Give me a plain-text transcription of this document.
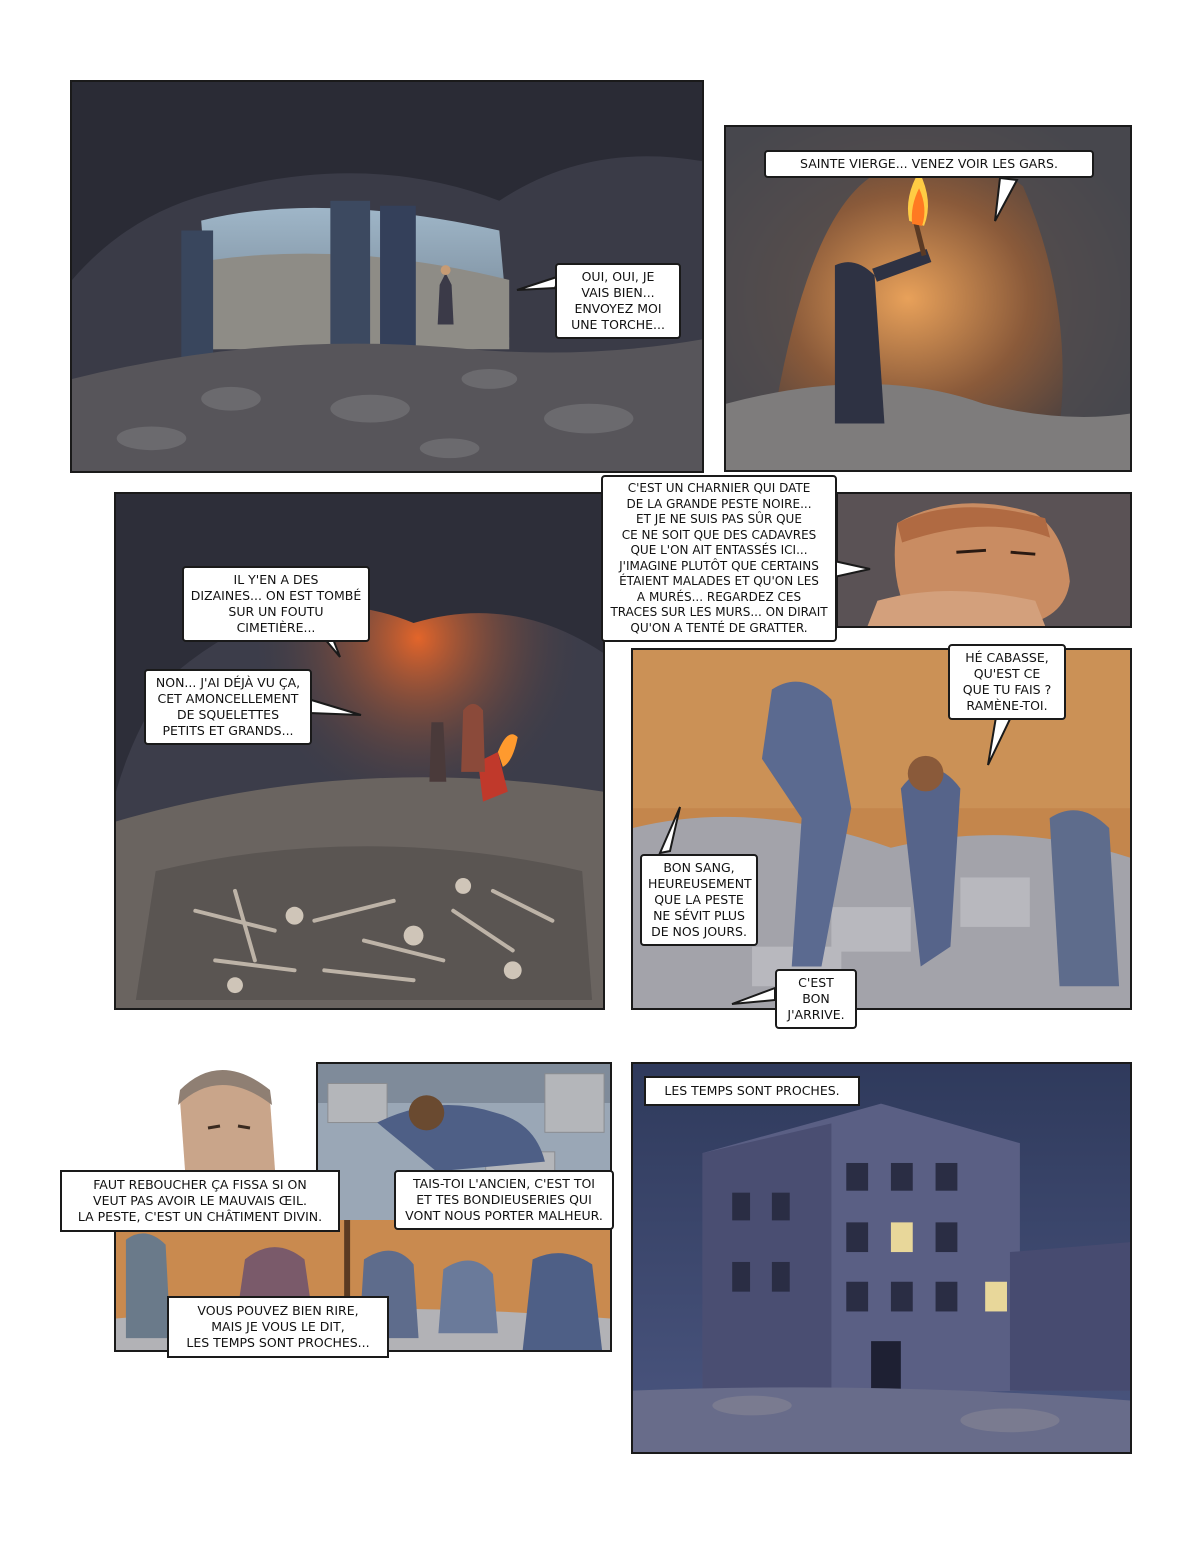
OUI, OUI, JE
VAIS BIEN...
ENVOYEZ MOI
UNE TORCHE...
SAINTE VIERGE... VENEZ VOIR LES GARS.
IL Y'EN A DES
DIZAINES... ON EST TOMBÉ
SUR UN FOUTU CIMETIÈRE...
NON... J'AI DÉJÀ VU ÇA,
CET AMONCELLEMENT
DE SQUELETTES
PETITS ET GRANDS...
C'EST UN CHARNIER QUI DATE
DE LA GRANDE PESTE NOIRE...
ET JE NE SUIS PAS SÛR QUE
CE NE SOIT QUE DES CADAVRES
QUE L'ON AIT ENTASSÉS ICI...
J'IMAGINE PLUTÔT QUE CERTAINS
ÉTAIENT MALADES ET QU'ON LES
A MURÉS... REGARDEZ CES
TRACES SUR LES MURS... ON DIRAIT
QU'ON A TENTÉ DE GRATTER.
HÉ CABASSE,
QU'EST CE
QUE TU FAIS ?
RAMÈNE-TOI.
BON SANG,
HEUREUSEMENT
QUE LA PESTE
NE SÉVIT PLUS
DE NOS JOURS.
C'EST BON
J'ARRIVE.
FAUT REBOUCHER ÇA FISSA SI ON
VEUT PAS AVOIR LE MAUVAIS ŒIL.
LA PESTE, C'EST UN CHÂTIMENT DIVIN.
TAIS-TOI L'ANCIEN, C'EST TOI
ET TES BONDIEUSERIES QUI
VONT NOUS PORTER MALHEUR.
VOUS POUVEZ BIEN RIRE,
MAIS JE VOUS LE DIT,
LES TEMPS SONT PROCHES...
LES TEMPS SONT PROCHES.
